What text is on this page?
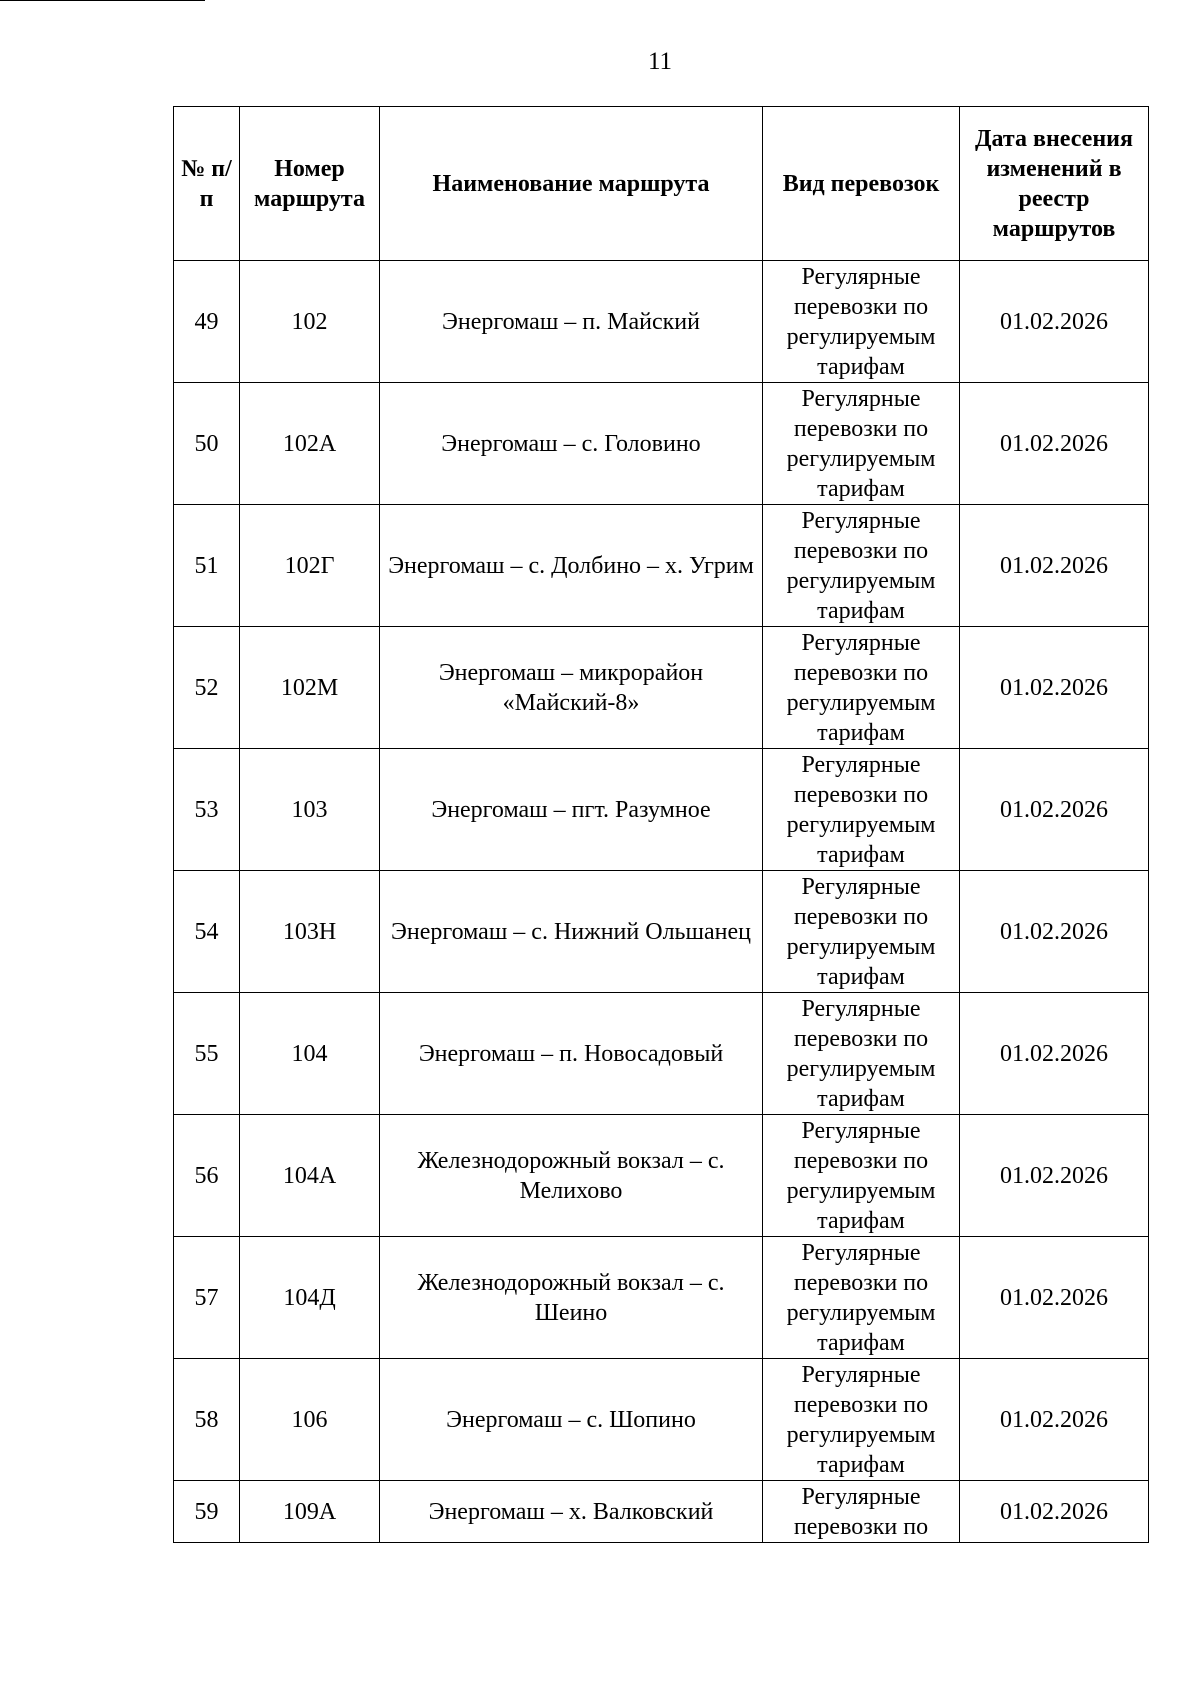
11
№ п/п	Номер маршрута	Наименование маршрута	Вид перевозок	Дата внесения изменений в реестр маршрутов

49	102	Энергомаш – п. Майский	Регулярные перевозки по регулируемым тарифам	01.02.2026

50	102А	Энергомаш – с. Головино	Регулярные перевозки по регулируемым тарифам	01.02.2026

51	102Г	Энергомаш – с. Долбино – х. Угрим	Регулярные перевозки по регулируемым тарифам	01.02.2026

52	102М	Энергомаш – микрорайон «Майский-8»	Регулярные перевозки по регулируемым тарифам	01.02.2026

53	103	Энергомаш – пгт. Разумное	Регулярные перевозки по регулируемым тарифам	01.02.2026

54	103Н	Энергомаш – с. Нижний Ольшанец	Регулярные перевозки по регулируемым тарифам	01.02.2026

55	104	Энергомаш – п. Новосадовый	Регулярные перевозки по регулируемым тарифам	01.02.2026

56	104А	Железнодорожный вокзал – с. Мелихово	Регулярные перевозки по регулируемым тарифам	01.02.2026

57	104Д	Железнодорожный вокзал – с. Шеино	Регулярные перевозки по регулируемым тарифам	01.02.2026

58	106	Энергомаш – с. Шопино	Регулярные перевозки по регулируемым тарифам	01.02.2026

59	109А	Энергомаш – х. Валковский	Регулярные перевозки по	01.02.2026
